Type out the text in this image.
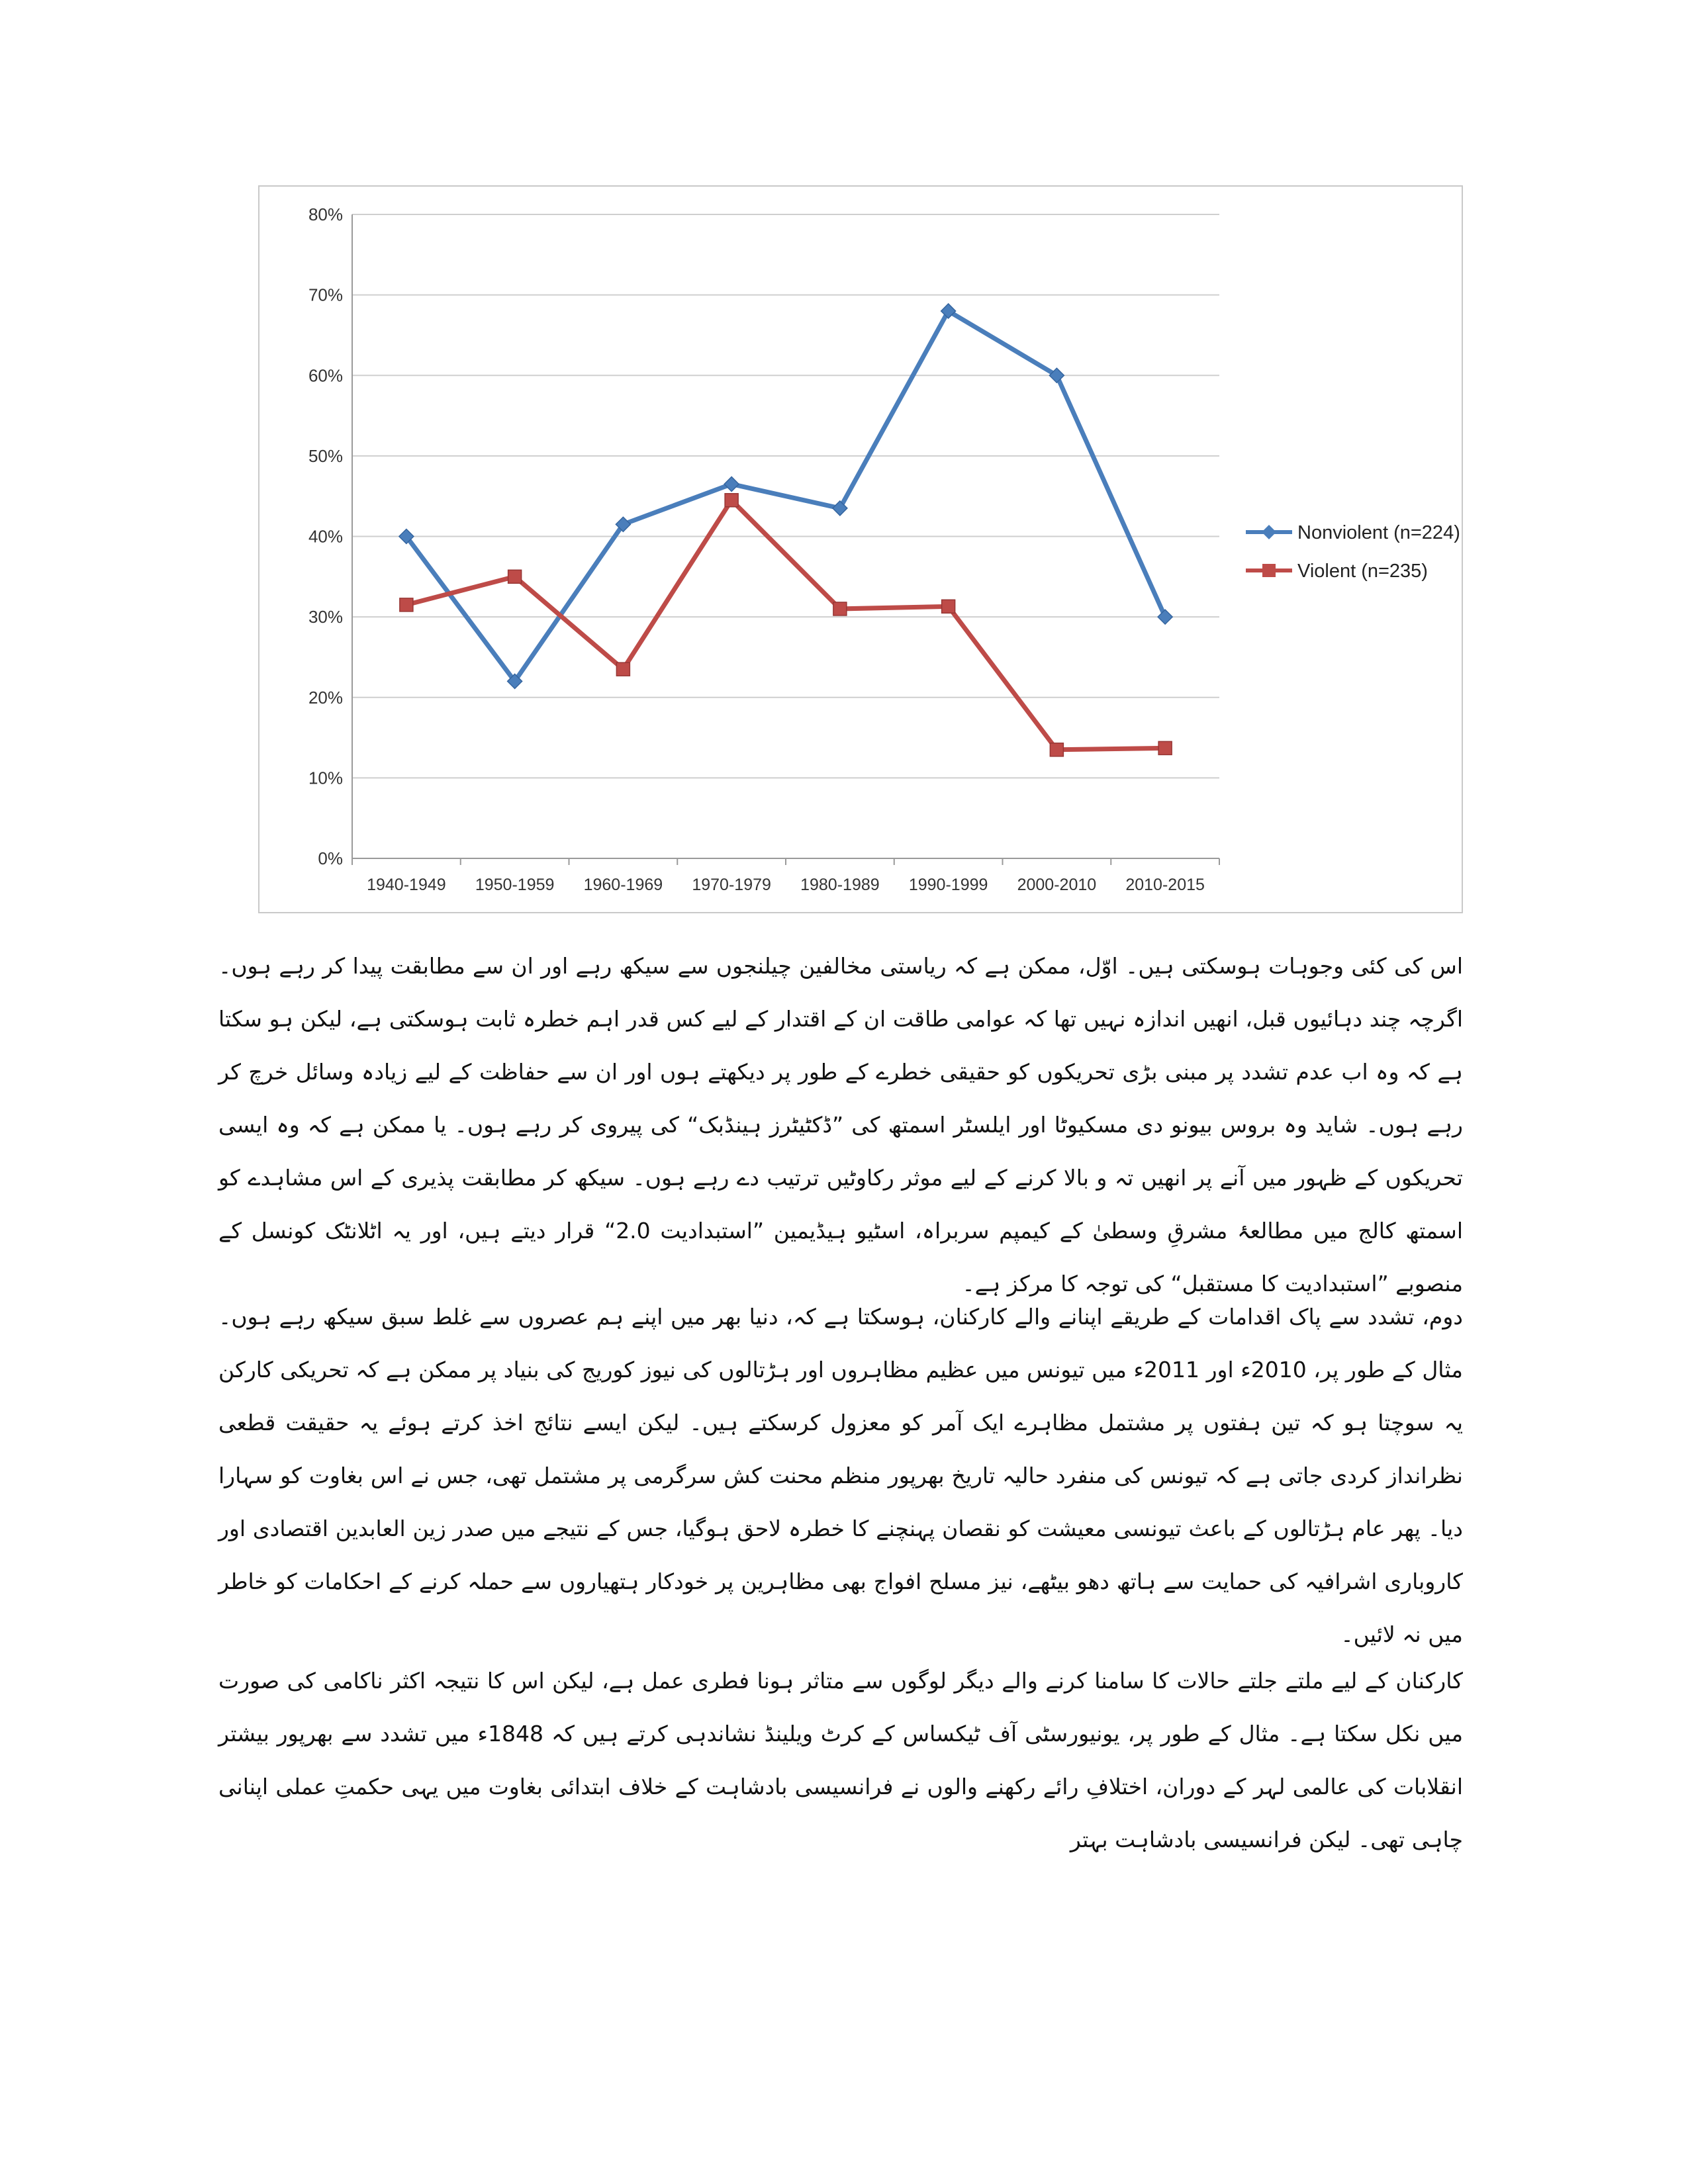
0%
10%
20%
30%
40%
50%
60%
70%
80%
1940-1949 1950-1959 1960-1969 1970-1979 1980-1989 1990-1999 2000-2010 2010-2015
Nonviolent (n=224)
Violent (n=235)
اس کی کئی وجوہات ہوسکتی ہیں۔ اوّل، ممکن ہے کہ ریاستی مخالفین چیلنجوں سے سیکھ رہے اور ان سے مطابقت پیدا کر رہے ہوں۔ اگرچہ چند دہائیوں قبل، انھیں اندازہ نہیں تھا کہ عوامی طاقت ان کے اقتدار کے لیے کس قدر اہم خطرہ ثابت ہوسکتی ہے، لیکن ہو سکتا ہے کہ وہ اب عدم تشدد پر مبنی بڑی تحریکوں کو حقیقی خطرے کے طور پر دیکھتے ہوں اور ان سے حفاظت کے لیے زیادہ وسائل خرچ کر رہے ہوں۔ شاید وہ بروس بیونو دی مسکیوٹا اور ایلسٹر اسمتھ کی ”ڈکٹیٹرز ہینڈبک“ کی پیروی کر رہے ہوں۔ یا ممکن ہے کہ وہ ایسی تحریکوں کے ظہور میں آنے پر انھیں تہ و بالا کرنے کے لیے موثر رکاوٹیں ترتیب دے رہے ہوں۔ سیکھ کر مطابقت پذیری کے اس مشاہدے کو اسمتھ کالج میں مطالعۂ مشرقِ وسطیٰ کے کیمپم سربراہ، اسٹیو ہیڈیمین ”استبدادیت 2.0“ قرار دیتے ہیں، اور یہ اٹلانٹک کونسل کے منصوبے ”استبدادیت کا مستقبل“ کی توجہ کا مرکز ہے۔
دوم، تشدد سے پاک اقدامات کے طریقے اپنانے والے کارکنان، ہوسکتا ہے کہ، دنیا بھر میں اپنے ہم عصروں سے غلط سبق سیکھ رہے ہوں۔ مثال کے طور پر، 2010ء اور 2011ء میں تیونس میں عظیم مظاہروں اور ہڑتالوں کی نیوز کوریج کی بنیاد پر ممکن ہے کہ تحریکی کارکن یہ سوچتا ہو کہ تین ہفتوں پر مشتمل مظاہرے ایک آمر کو معزول کرسکتے ہیں۔ لیکن ایسے نتائج اخذ کرتے ہوئے یہ حقیقت قطعی نظرانداز کردی جاتی ہے کہ تیونس کی منفرد حالیہ تاریخ بھرپور منظم محنت کش سرگرمی پر مشتمل تھی، جس نے اس بغاوت کو سہارا دیا۔ پھر عام ہڑتالوں کے باعث تیونسی معیشت کو نقصان پہنچنے کا خطرہ لاحق ہوگیا، جس کے نتیجے میں صدر زین العابدین اقتصادی اور کاروباری اشرافیہ کی حمایت سے ہاتھ دھو بیٹھے، نیز مسلح افواج بھی مظاہرین پر خودکار ہتھیاروں سے حملہ کرنے کے احکامات کو خاطر میں نہ لائیں۔
کارکنان کے لیے ملتے جلتے حالات کا سامنا کرنے والے دیگر لوگوں سے متاثر ہونا فطری عمل ہے، لیکن اس کا نتیجہ اکثر ناکامی کی صورت میں نکل سکتا ہے۔ مثال کے طور پر، یونیورسٹی آف ٹیکساس کے کرٹ ویلینڈ نشاندہی کرتے ہیں کہ 1848ء میں تشدد سے بھرپور بیشتر انقلابات کی عالمی لہر کے دوران، اختلافِ رائے رکھنے والوں نے فرانسیسی بادشاہت کے خلاف ابتدائی بغاوت میں یہی حکمتِ عملی اپنانی چاہی تھی۔ لیکن فرانسیسی بادشاہت بہتر
